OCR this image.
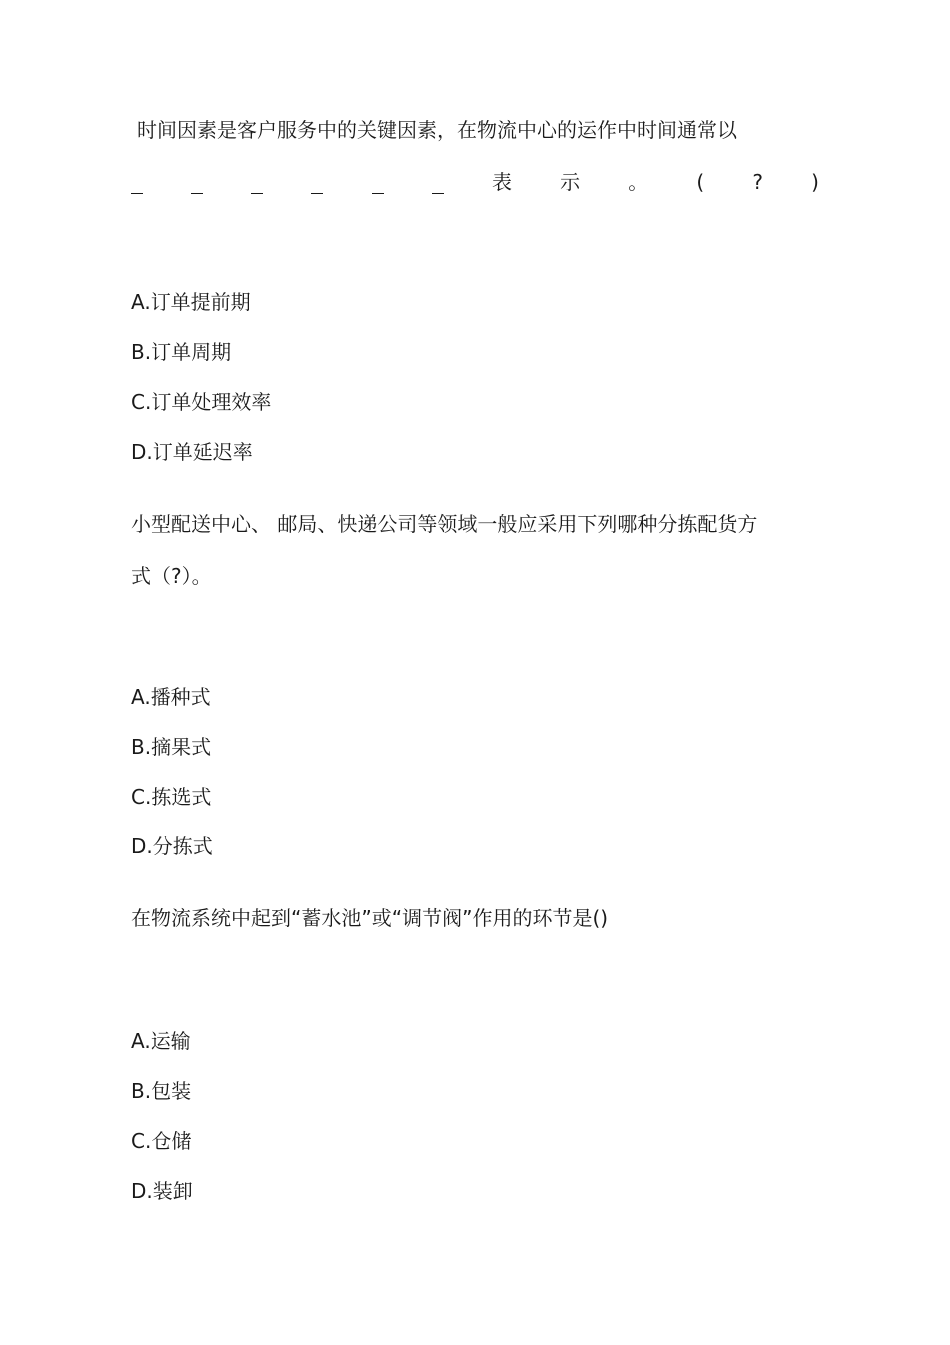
时间因素是客户服务中的关键因素，在物流中心的运作中时间通常以
表 示 。 ( ? )
A.订单提前期
B.订单周期
C.订单处理效率
D.订单延迟率
小型配送中心、 邮局、快递公司等领域一般应采用下列哪种分拣配货方
式（?）。
A.播种式
B.摘果式
C.拣选式
D.分拣式
在物流系统中起到“蓄水池”或“调节阀”作用的环节是()
A.运输
B.包装
C.仓储
D.装卸
